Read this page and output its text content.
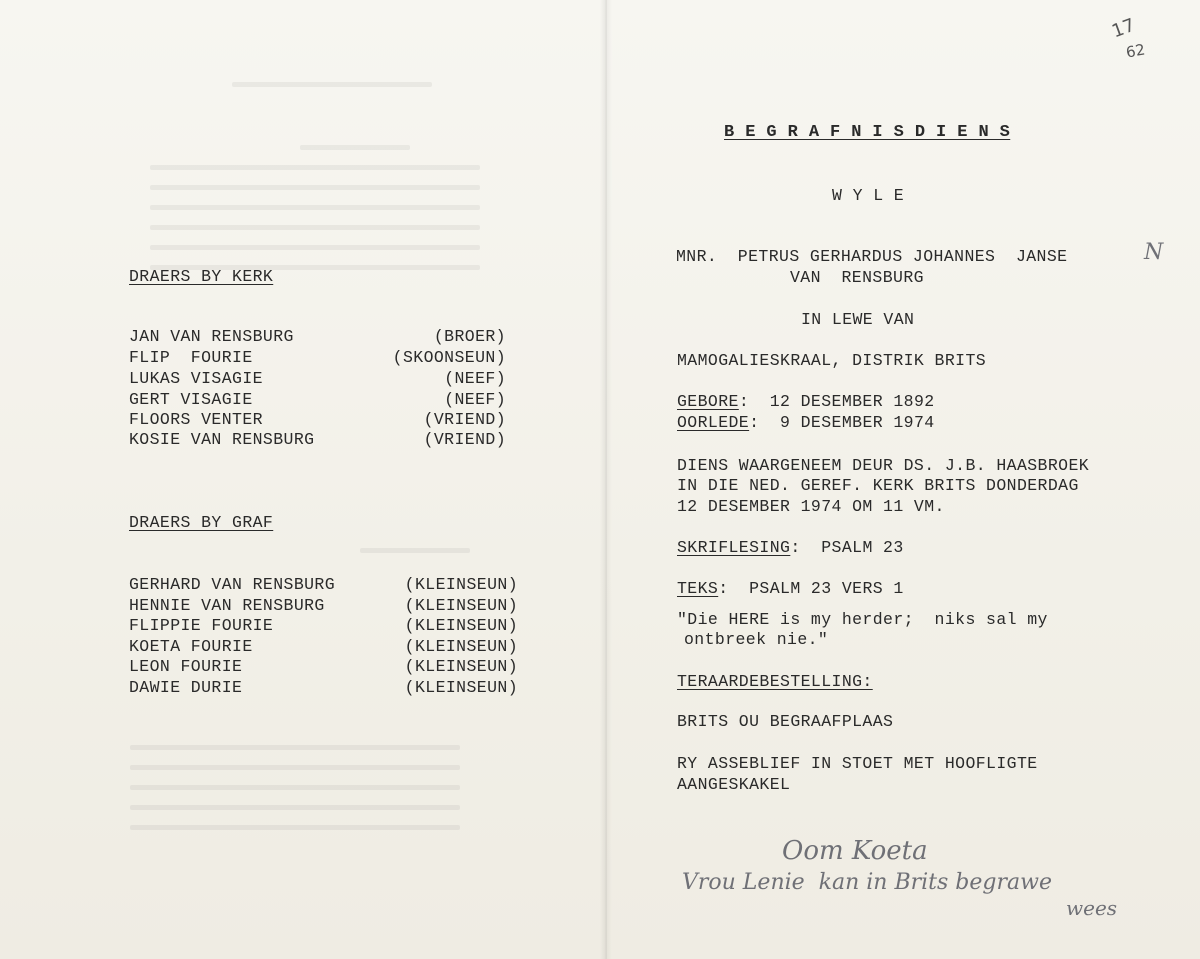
DRAERS BY KERK
JAN VAN RENSBURG	(BROER)
FLIP  FOURIE	(SKOONSEUN)
LUKAS VISAGIE	(NEEF)
GERT VISAGIE	(NEEF)
FLOORS VENTER	(VRIEND)
KOSIE VAN RENSBURG	(VRIEND)
DRAERS BY GRAF
GERHARD VAN RENSBURG	(KLEINSEUN)
HENNIE VAN RENSBURG	(KLEINSEUN)
FLIPPIE FOURIE	(KLEINSEUN)
KOETA FOURIE	(KLEINSEUN)
LEON FOURIE	(KLEINSEUN)
DAWIE DURIE	(KLEINSEUN)
B E G R A F N I S D I E N S
W Y L E
MNR.  PETRUS GERHARDUS JOHANNES  JANSE	N
VAN  RENSBURG
IN LEWE VAN
MAMOGALIESKRAAL, DISTRIK BRITS
GEBORE:  12 DESEMBER 1892
OORLEDE:  9 DESEMBER 1974
DIENS WAARGENEEM DEUR DS. J.B. HAASBROEK
IN DIE NED. GEREF. KERK BRITS DONDERDAG
12 DESEMBER 1974 OM 11 VM.
SKRIFLESING:  PSALM 23
TEKS:  PSALM 23 VERS 1
"Die HERE is my herder;  niks sal my
ontbreek nie."
TERAARDEBESTELLING:
BRITS OU BEGRAAFPLAAS
RY ASSEBLIEF IN STOET MET HOOFLIGTE
AANGESKAKEL
Oom Koeta
Vrou Lenie  kan in Brits begrawe
wees
17
62
